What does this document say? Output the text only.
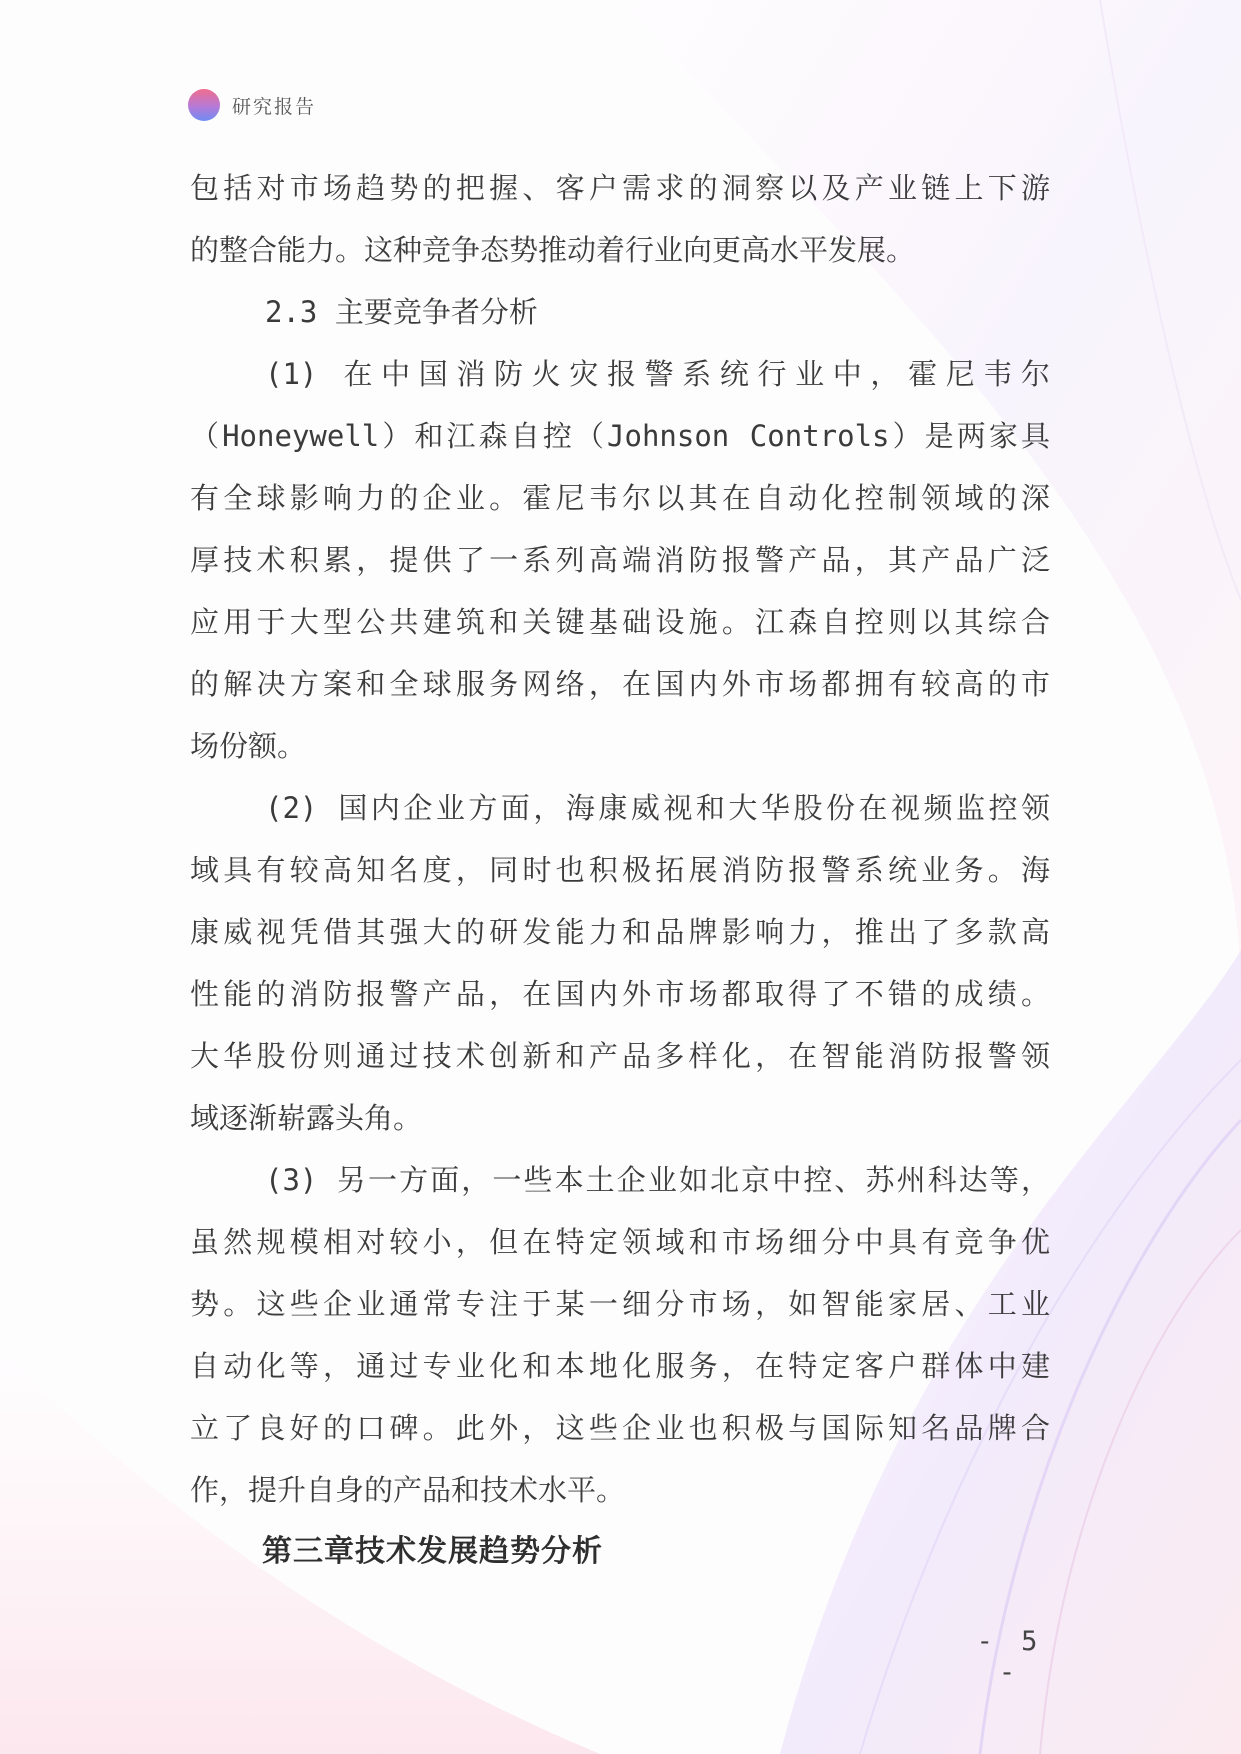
研究报告
包括对市场趋势的把握、客户需求的洞察以及产业链上下游
的整合能力。这种竞争态势推动着行业向更高水平发展。
2.3 主要竞争者分析
(1) 在中国消防火灾报警系统行业中，霍尼韦尔
（Honeywell）和江森自控（Johnson Controls）是两家具
有全球影响力的企业。霍尼韦尔以其在自动化控制领域的深
厚技术积累，提供了一系列高端消防报警产品，其产品广泛
应用于大型公共建筑和关键基础设施。江森自控则以其综合
的解决方案和全球服务网络，在国内外市场都拥有较高的市
场份额。
(2) 国内企业方面，海康威视和大华股份在视频监控领
域具有较高知名度，同时也积极拓展消防报警系统业务。海
康威视凭借其强大的研发能力和品牌影响力，推出了多款高
性能的消防报警产品，在国内外市场都取得了不错的成绩。
大华股份则通过技术创新和产品多样化，在智能消防报警领
域逐渐崭露头角。
(3) 另一方面，一些本土企业如北京中控、苏州科达等，
虽然规模相对较小，但在特定领域和市场细分中具有竞争优
势。这些企业通常专注于某一细分市场，如智能家居、工业
自动化等，通过专业化和本地化服务，在特定客户群体中建
立了良好的口碑。此外，这些企业也积极与国际知名品牌合
作，提升自身的产品和技术水平。
第三章技术发展趋势分析
- 5 -
